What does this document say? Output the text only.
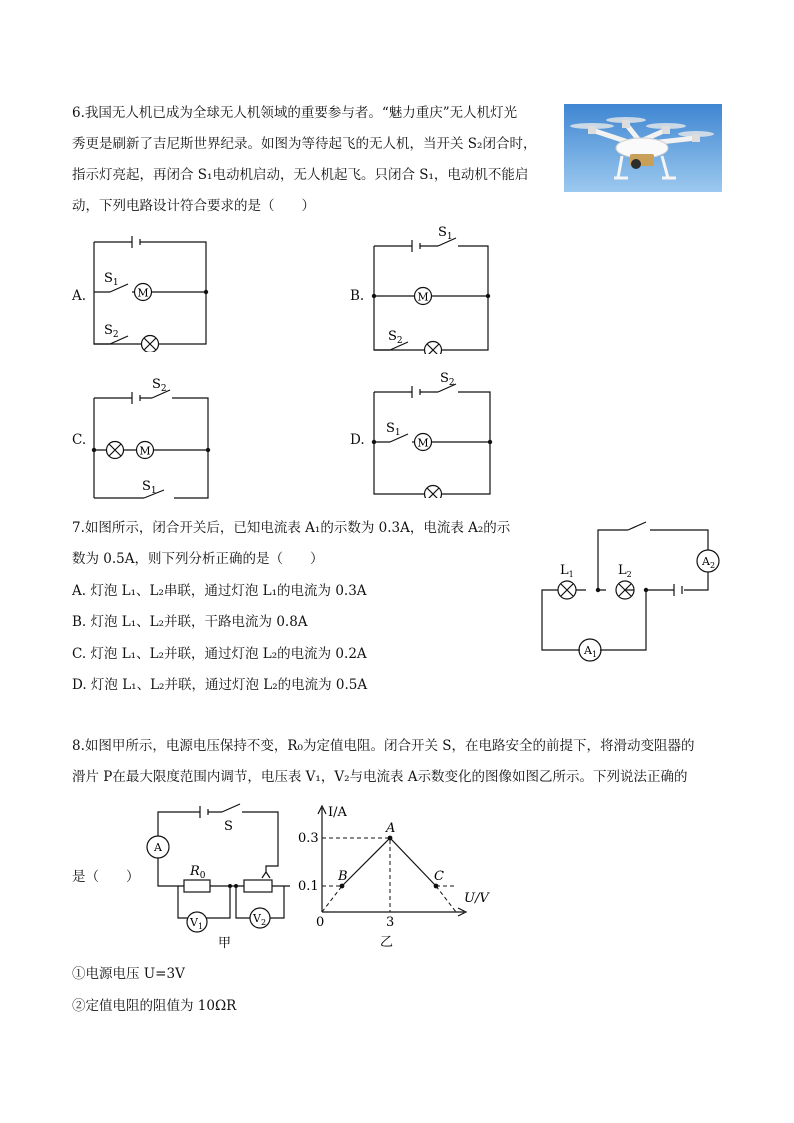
6.我国无人机已成为全球无人机领域的重要参与者。“魅力重庆”无人机灯光
秀更是刷新了吉尼斯世界纪录。如图为等待起飞的无人机，当开关 S₂闭合时，
指示灯亮起，再闭合 S₁电动机启动，无人机起飞。只闭合 S₁，电动机不能启
动，下列电路设计符合要求的是（　　）
A.	M
$S_1$
$S_2$
B.	M
$S_1$
$S_2$
C.
M
$S_2$
$S_1$
D.	M
$S_2$
$S_1$
7.如图所示，闭合开关后，已知电流表 A₁的示数为 0.3A，电流表 A₂的示
数为 0.5A，则下列分析正确的是（　　）
A. 灯泡 L₁、L₂串联，通过灯泡 L₁的电流为 0.3A
B. 灯泡 L₁、L₂并联，干路电流为 0.8A
C. 灯泡 L₁、L₂并联，通过灯泡 L₂的电流为 0.2A
D. 灯泡 L₁、L₂并联，通过灯泡 L₂的电流为 0.5A
$L_1$	$L_2$
$A_2$
$A_1$
8.如图甲所示，电源电压保持不变，R₀为定值电阻。闭合开关 S，在电路安全的前提下，将滑动变阻器的
滑片 P在最大限度范围内调节，电压表 V₁，V₂与电流表 A示数变化的图像如图乙所示。下列说法正确的
是（　　）
S
A
$R_0$
$V_1$
$V_2$
甲
I/A
U/V
0.3
0.1
0	3
A
B	C
乙
①电源电压 U=3V
②定值电阻的阻值为 10ΩR
